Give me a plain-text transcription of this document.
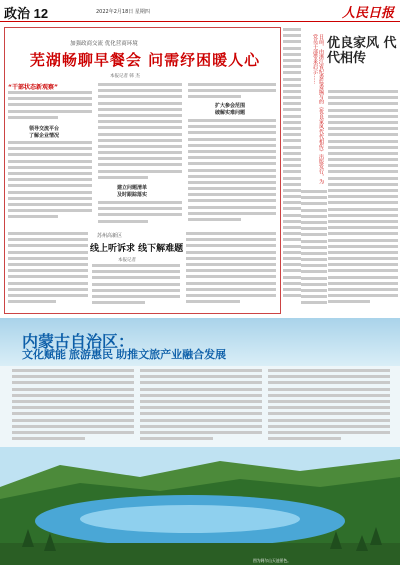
政治 12	2022年2月18日 星期四	人民日报
加强政商交流 优化营商环境
芜湖畅聊早餐会 问需纾困暖人心
本报记者 韩 杰
“干部状态新观察”
领导交流平台
了解企业情况
扩大参会范围
破解实难问题
建立问题清单
及时跟踪落实
苏州高新区
线上听诉求 线下解难题
本报记者
日前，由浙江省纪委监委编写的《优良家风代代相传》出版发行，为党员干部带来启示…… 优良家风 代代相传
内蒙古自治区：
文化赋能 旅游惠民 助推文旅产业融合发展
图为阿尔山天池景色。
